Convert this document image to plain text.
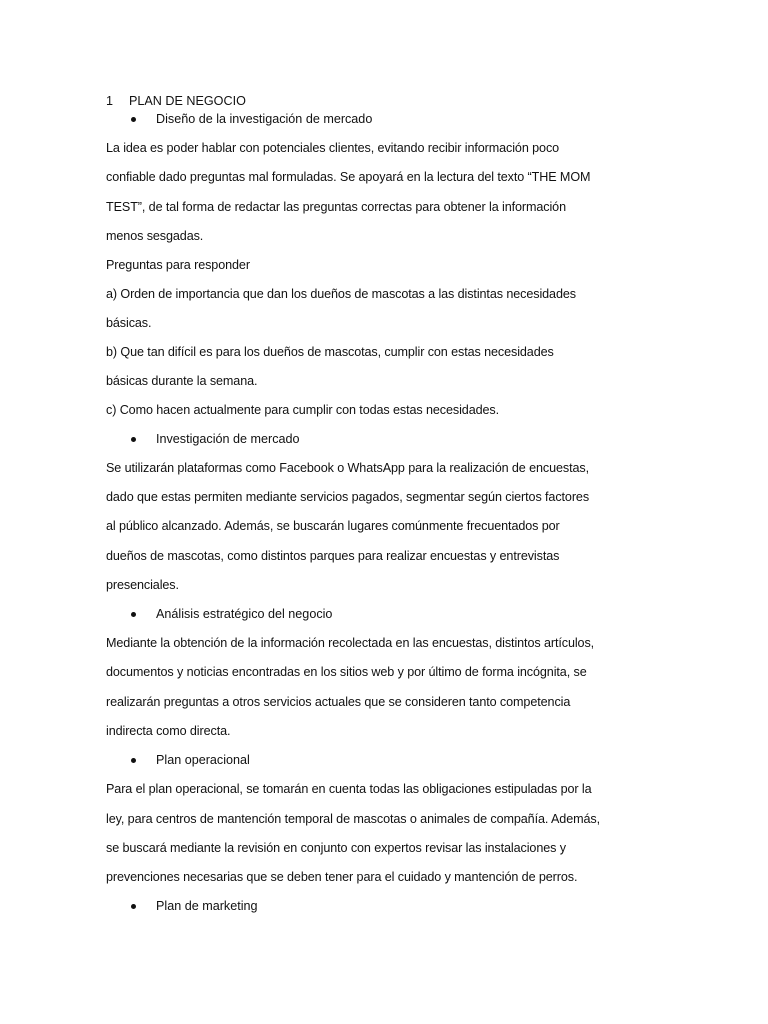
1 PLAN DE NEGOCIO
Diseño de la investigación de mercado
La idea es poder hablar con potenciales clientes, evitando recibir información poco
confiable dado preguntas mal formuladas. Se apoyará en la lectura del texto “THE MOM
TEST”, de tal forma de redactar las preguntas correctas para obtener la información
menos sesgadas.
Preguntas para responder
a) Orden de importancia que dan los dueños de mascotas a las distintas necesidades
básicas.
b) Que tan difícil es para los dueños de mascotas, cumplir con estas necesidades
básicas durante la semana.
c) Como hacen actualmente para cumplir con todas estas necesidades.
Investigación de mercado
Se utilizarán plataformas como Facebook o WhatsApp para la realización de encuestas,
dado que estas permiten mediante servicios pagados, segmentar según ciertos factores
al público alcanzado. Además, se buscarán lugares comúnmente frecuentados por
dueños de mascotas, como distintos parques para realizar encuestas y entrevistas
presenciales.
Análisis estratégico del negocio
Mediante la obtención de la información recolectada en las encuestas, distintos artículos,
documentos y noticias encontradas en los sitios web y por último de forma incógnita, se
realizarán preguntas a otros servicios actuales que se consideren tanto competencia
indirecta como directa.
Plan operacional
Para el plan operacional, se tomarán en cuenta todas las obligaciones estipuladas por la
ley, para centros de mantención temporal de mascotas o animales de compañía. Además,
se buscará mediante la revisión en conjunto con expertos revisar las instalaciones y
prevenciones necesarias que se deben tener para el cuidado y mantención de perros.
Plan de marketing
